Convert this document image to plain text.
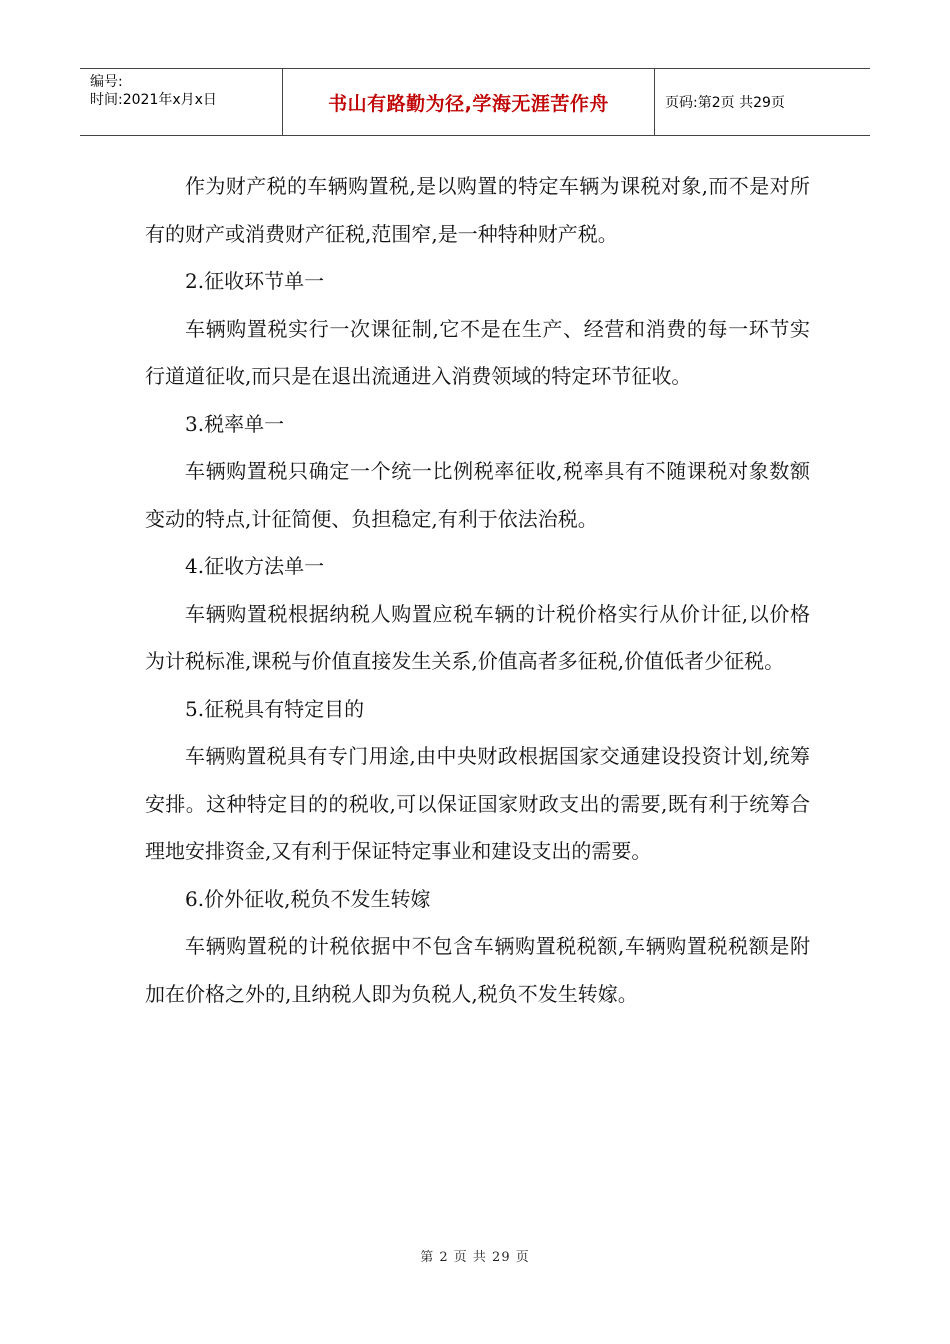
编号:
时间:2021年x月x日	书山有路勤为径,学海无涯苦作舟	页码:第2页 共29页

作为财产税的车辆购置税,是以购置的特定车辆为课税对象,而不是对所有的财产或消费财产征税,范围窄,是一种特种财产税。

2.征收环节单一

车辆购置税实行一次课征制,它不是在生产、经营和消费的每一环节实行道道征收,而只是在退出流通进入消费领域的特定环节征收。

3.税率单一

车辆购置税只确定一个统一比例税率征收,税率具有不随课税对象数额变动的特点,计征简便、负担稳定,有利于依法治税。

4.征收方法单一

车辆购置税根据纳税人购置应税车辆的计税价格实行从价计征,以价格为计税标准,课税与价值直接发生关系,价值高者多征税,价值低者少征税。

5.征税具有特定目的

车辆购置税具有专门用途,由中央财政根据国家交通建设投资计划,统筹安排。这种特定目的的税收,可以保证国家财政支出的需要,既有利于统筹合理地安排资金,又有利于保证特定事业和建设支出的需要。

6.价外征收,税负不发生转嫁

车辆购置税的计税依据中不包含车辆购置税税额,车辆购置税税额是附加在价格之外的,且纳税人即为负税人,税负不发生转嫁。

第 2 页 共 29 页
